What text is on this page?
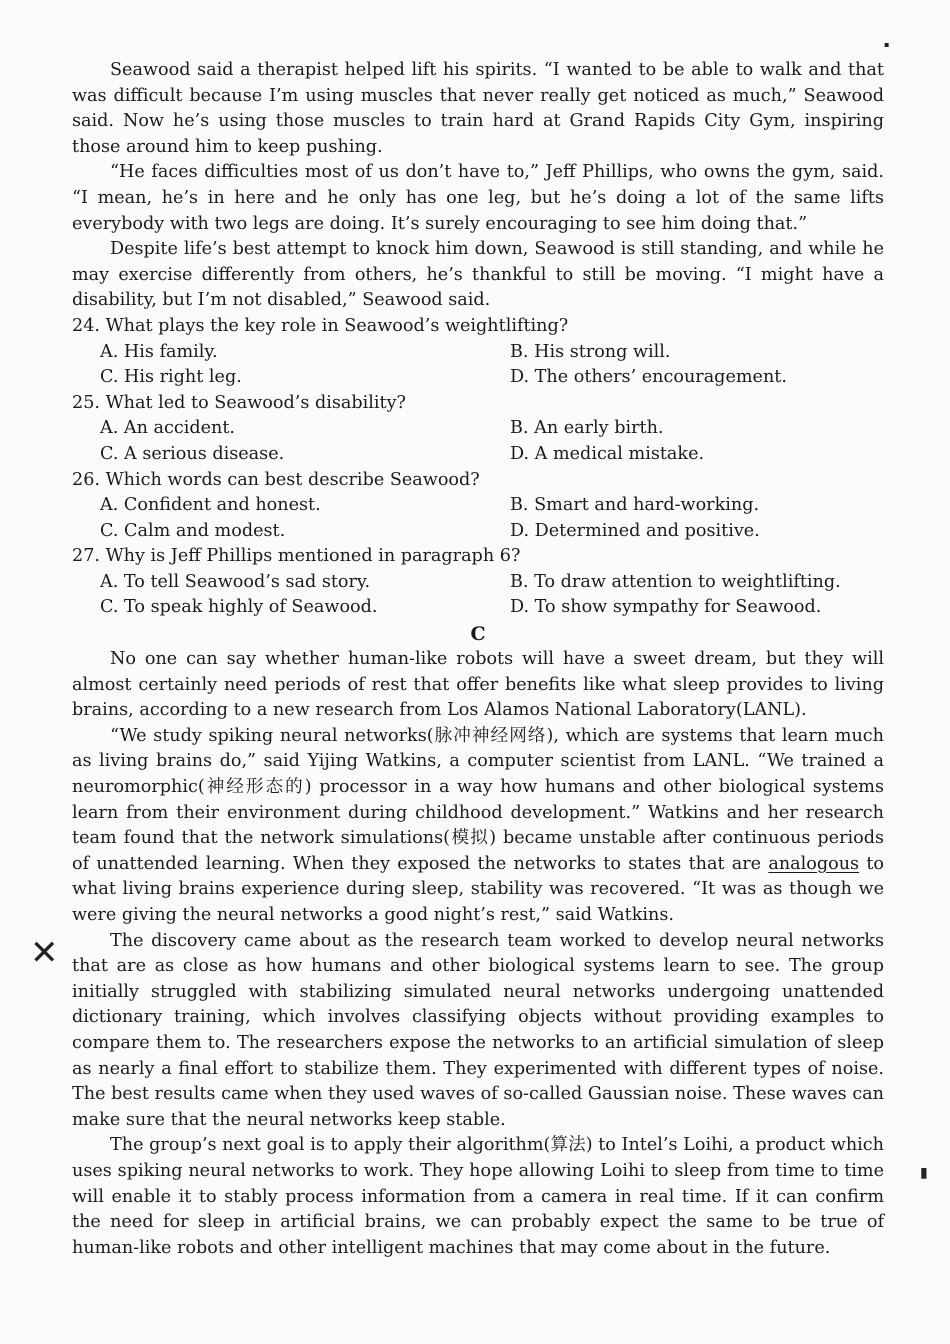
▪
✕
▮

Seawood said a therapist helped lift his spirits. “I wanted to be able to walk and that was difficult because I’m using muscles that never really get noticed as much,” Seawood said. Now he’s using those muscles to train hard at Grand Rapids City Gym, inspiring those around him to keep pushing.

“He faces difficulties most of us don’t have to,” Jeff Phillips, who owns the gym, said. “I mean, he’s in here and he only has one leg, but he’s doing a lot of the same lifts everybody with two legs are doing. It’s surely encouraging to see him doing that.”

Despite life’s best attempt to knock him down, Seawood is still standing, and while he may exercise differently from others, he’s thankful to still be moving. “I might have a disability, but I’m not disabled,” Seawood said.

24. What plays the key role in Seawood’s weightlifting?

A. His family.	B. His strong will.
C. His right leg.	D. The others’ encouragement.

25. What led to Seawood’s disability?

A. An accident.	B. An early birth.
C. A serious disease.	D. A medical mistake.

26. Which words can best describe Seawood?

A. Confident and honest.	B. Smart and hard-working.
C. Calm and modest.	D. Determined and positive.

27. Why is Jeff Phillips mentioned in paragraph 6?

A. To tell Seawood’s sad story.	B. To draw attention to weightlifting.
C. To speak highly of Seawood.	D. To show sympathy for Seawood.

C

No one can say whether human-like robots will have a sweet dream, but they will almost certainly need periods of rest that offer benefits like what sleep provides to living brains, according to a new research from Los Alamos National Laboratory(LANL).

“We study spiking neural networks(脉冲神经网络), which are systems that learn much as living brains do,” said Yijing Watkins, a computer scientist from LANL. “We trained a neuromorphic(神经形态的) processor in a way how humans and other biological systems learn from their environment during childhood development.” Watkins and her research team found that the network simulations(模拟) became unstable after continuous periods of unattended learning. When they exposed the networks to states that are analogous to what living brains experience during sleep, stability was recovered. “It was as though we were giving the neural networks a good night’s rest,” said Watkins.

The discovery came about as the research team worked to develop neural networks that are as close as how humans and other biological systems learn to see. The group initially struggled with stabilizing simulated neural networks undergoing unattended dictionary training, which involves classifying objects without providing examples to compare them to. The researchers expose the networks to an artificial simulation of sleep as nearly a final effort to stabilize them. They experimented with different types of noise. The best results came when they used waves of so-called Gaussian noise. These waves can make sure that the neural networks keep stable.

The group’s next goal is to apply their algorithm(算法) to Intel’s Loihi, a product which uses spiking neural networks to work. They hope allowing Loihi to sleep from time to time will enable it to stably process information from a camera in real time. If it can confirm the need for sleep in artificial brains, we can probably expect the same to be true of human-like robots and other intelligent machines that may come about in the future.
